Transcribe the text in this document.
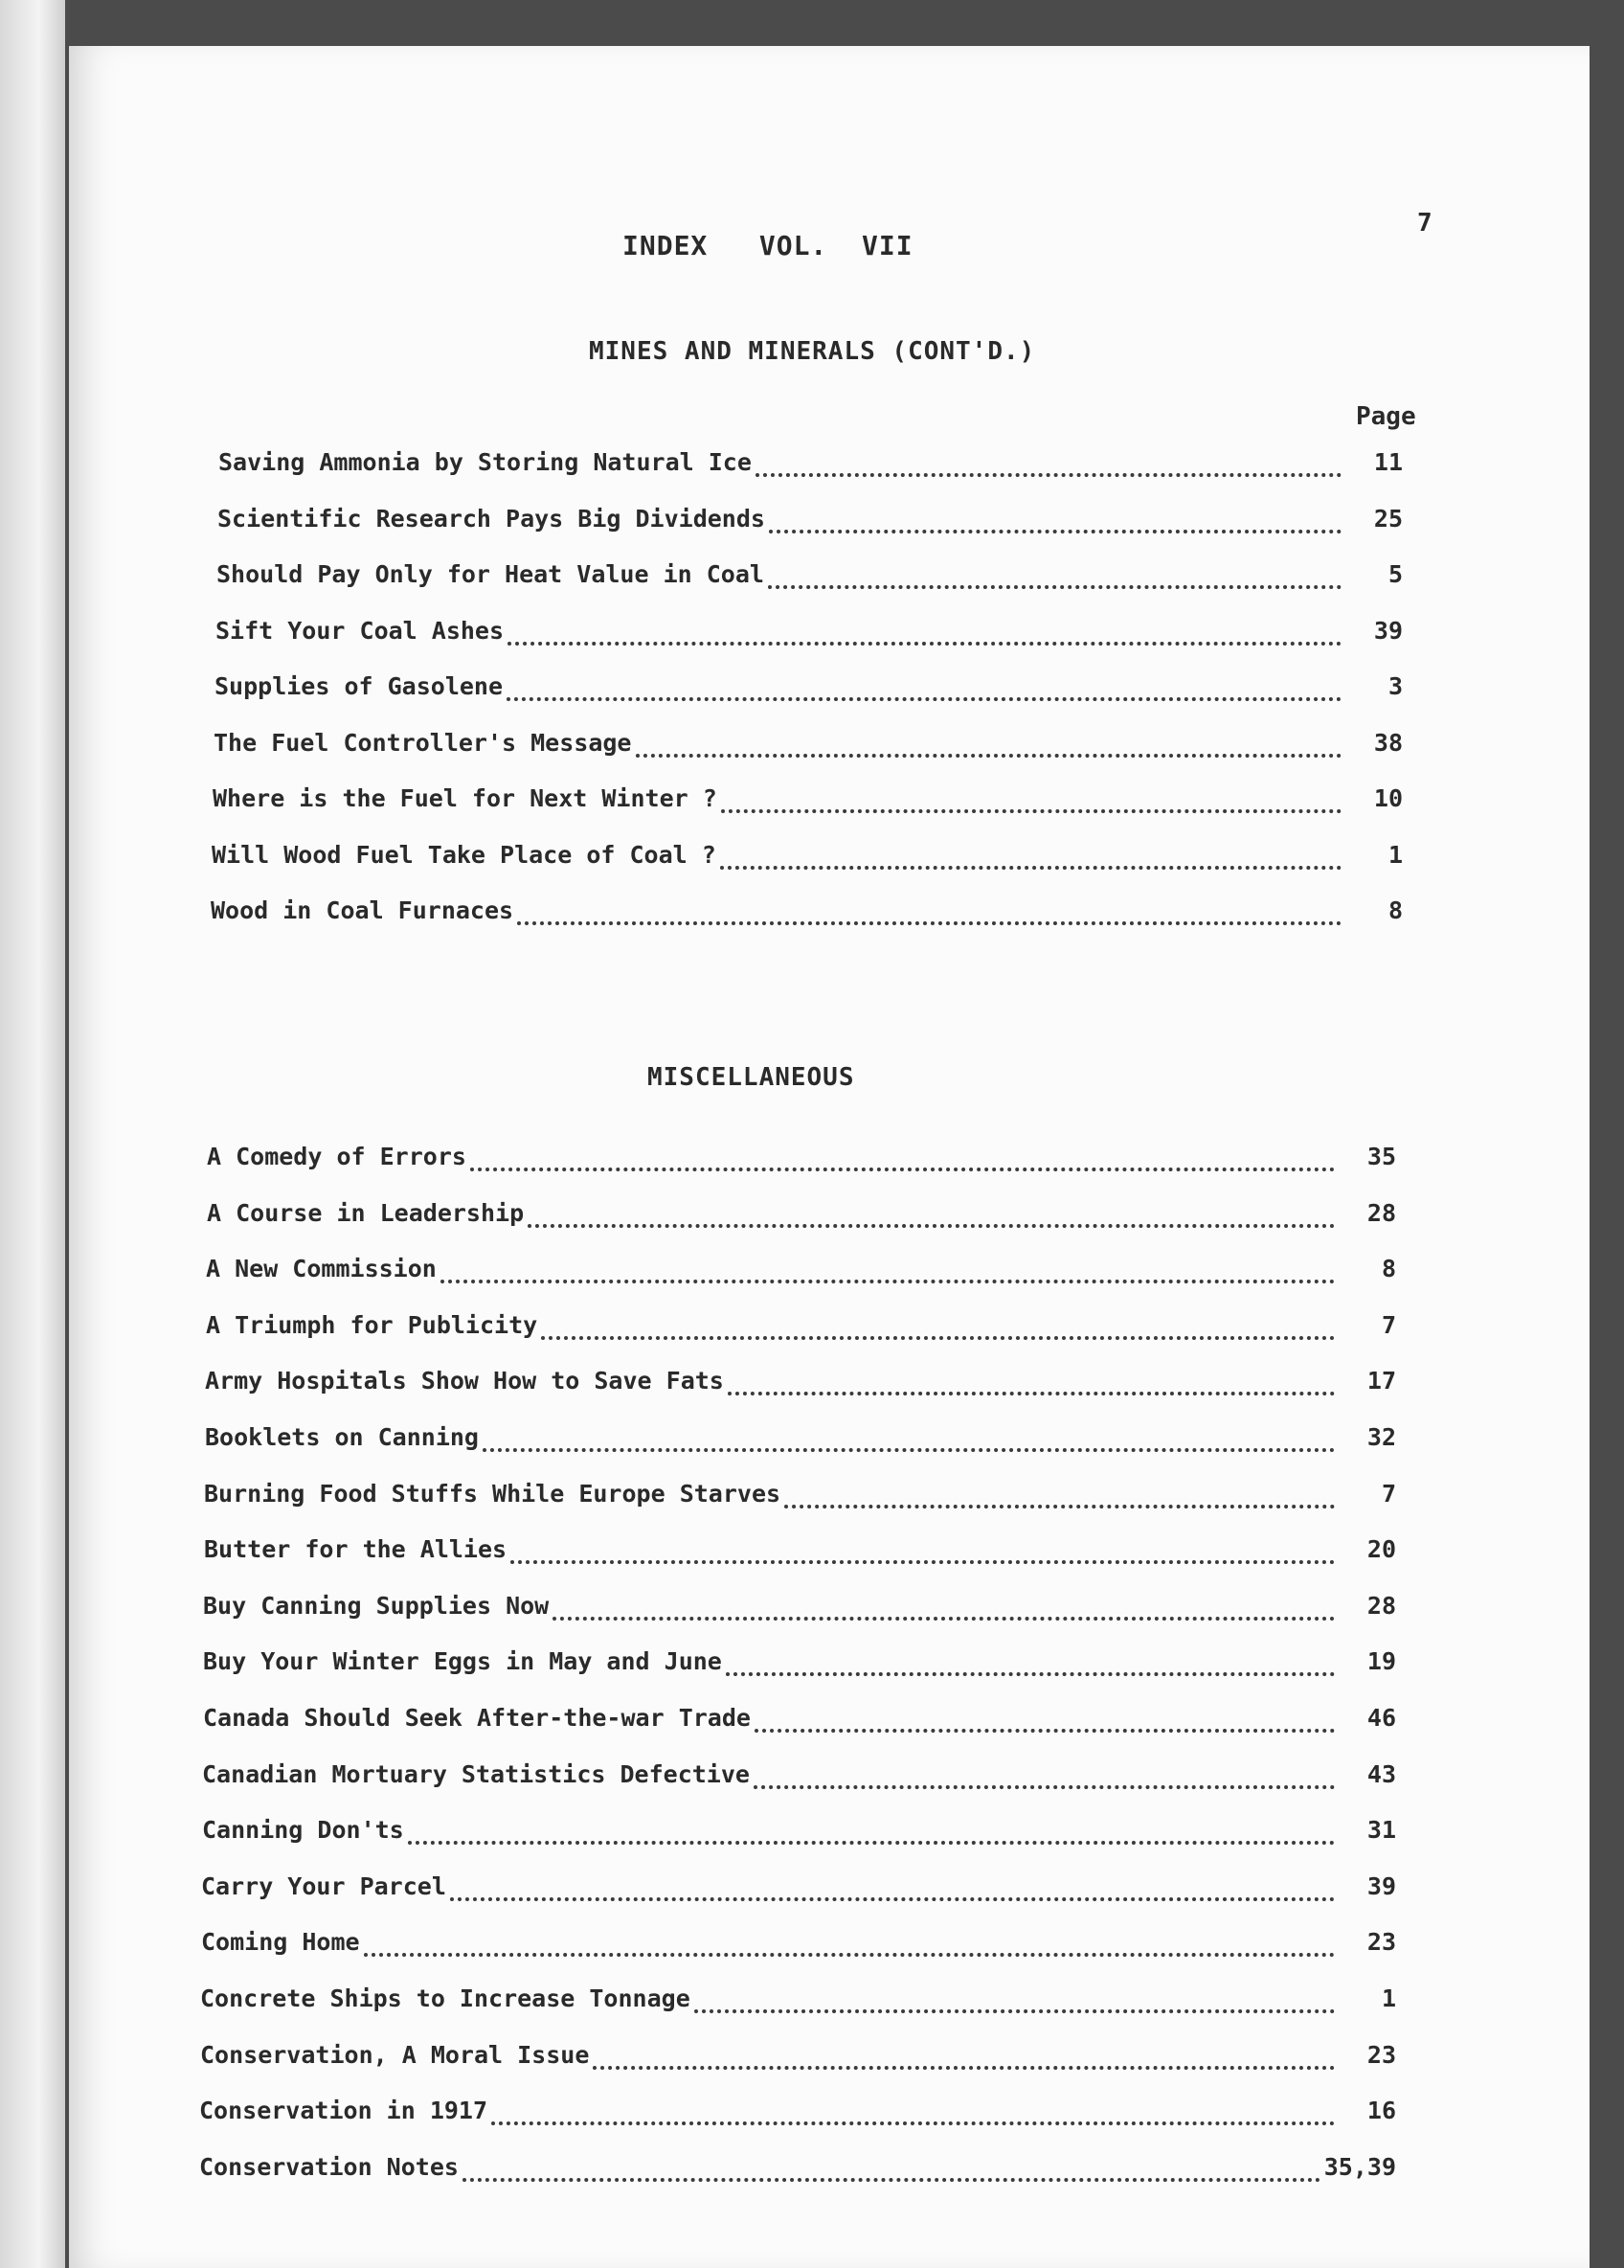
7
INDEX   VOL.  VII
MINES AND MINERALS (CONT'D.)
Page
Saving Ammonia by Storing Natural Ice	11
Scientific Research Pays Big Dividends	25
Should Pay Only for Heat Value in Coal	5
Sift Your Coal Ashes	39
Supplies of Gasolene	3
The Fuel Controller's Message	38
Where is the Fuel for Next Winter ?	10
Will Wood Fuel Take Place of Coal ?	1
Wood in Coal Furnaces	8
MISCELLANEOUS
A Comedy of Errors	35
A Course in Leadership	28
A New Commission	8
A Triumph for Publicity	7
Army Hospitals Show How to Save Fats	17
Booklets on Canning	32
Burning Food Stuffs While Europe Starves	7
Butter for the Allies	20
Buy Canning Supplies Now	28
Buy Your Winter Eggs in May and June	19
Canada Should Seek After-the-war Trade	46
Canadian Mortuary Statistics Defective	43
Canning Don'ts	31
Carry Your Parcel	39
Coming Home	23
Concrete Ships to Increase Tonnage	1
Conservation, A Moral Issue	23
Conservation in 1917	16
Conservation Notes	35,39
